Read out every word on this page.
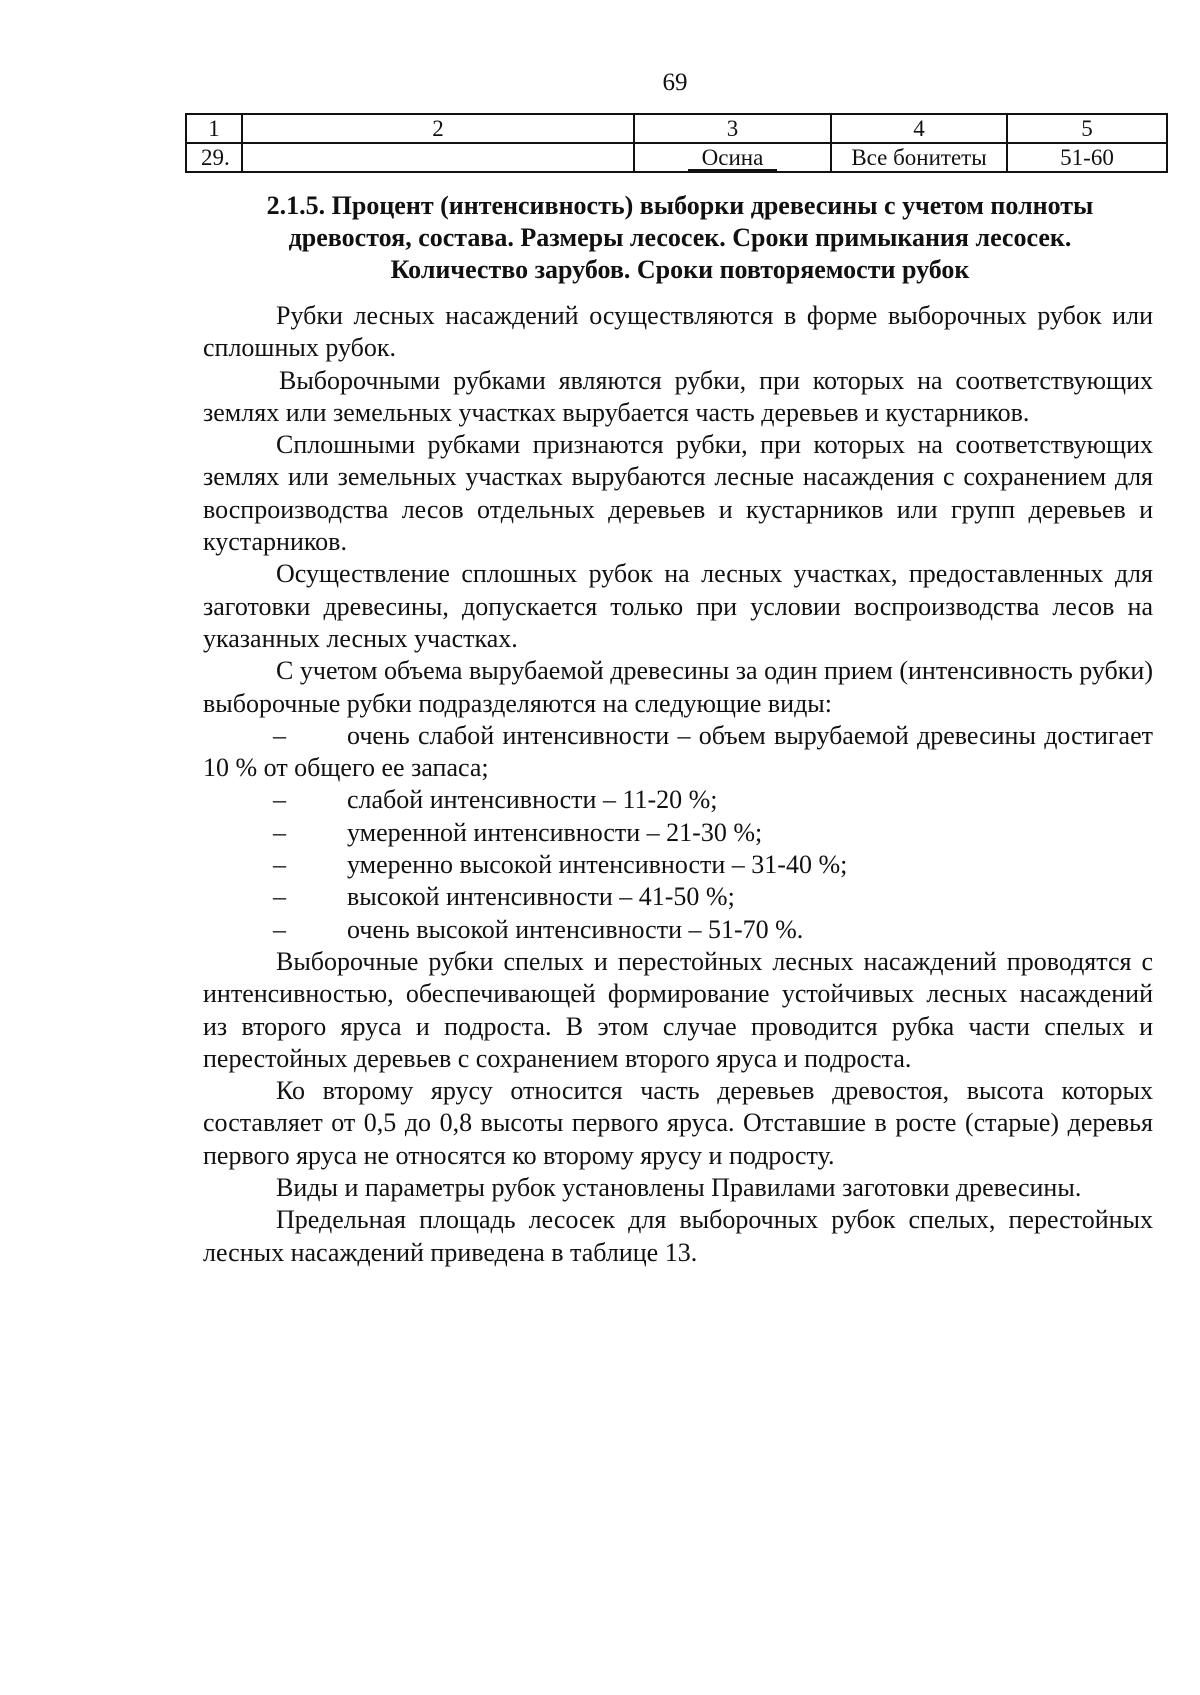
69
1	2	3	4	5
29.		Осина	Все бонитеты	51-60
2.1.5. Процент (интенсивность) выборки древесины с учетом полноты
древостоя, состава. Размеры лесосек. Сроки примыкания лесосек.
Количество зарубов. Сроки повторяемости рубок

Рубки лесных насаждений осуществляются в форме выборочных рубок или сплошных рубок.

Выборочными рубками являются рубки, при которых на соответствующих землях или земельных участках вырубается часть деревьев и кустарников.

Сплошными рубками признаются рубки, при которых на соответствующих землях или земельных участках вырубаются лесные насаждения с сохранением для воспроизводства лесов отдельных деревьев и кустарников или групп деревьев и кустарников.

Осуществление сплошных рубок на лесных участках, предоставленных для заготовки древесины, допускается только при условии воспроизводства лесов на указанных лесных участках.

С учетом объема вырубаемой древесины за один прием (интенсивность рубки) выборочные рубки подразделяются на следующие виды:

–	очень слабой интенсивности – объем вырубаемой древесины достигает 10 % от общего ее запаса;
–	слабой интенсивности – 11-20 %;
–	умеренной интенсивности – 21-30 %;
–	умеренно высокой интенсивности – 31-40 %;
–	высокой интенсивности – 41-50 %;
–	очень высокой интенсивности – 51-70 %.

Выборочные рубки спелых и перестойных лесных насаждений проводятся с интенсивностью, обеспечивающей формирование устойчивых лесных насаждений из второго яруса и подроста. В этом случае проводится рубка части спелых и перестойных деревьев с сохранением второго яруса и подроста.

Ко второму ярусу относится часть деревьев древостоя, высота которых составляет от 0,5 до 0,8 высоты первого яруса. Отставшие в росте (старые) деревья первого яруса не относятся ко второму ярусу и подросту.

Виды и параметры рубок установлены Правилами заготовки древесины.

Предельная площадь лесосек для выборочных рубок спелых, перестойных лесных насаждений приведена в таблице 13.
